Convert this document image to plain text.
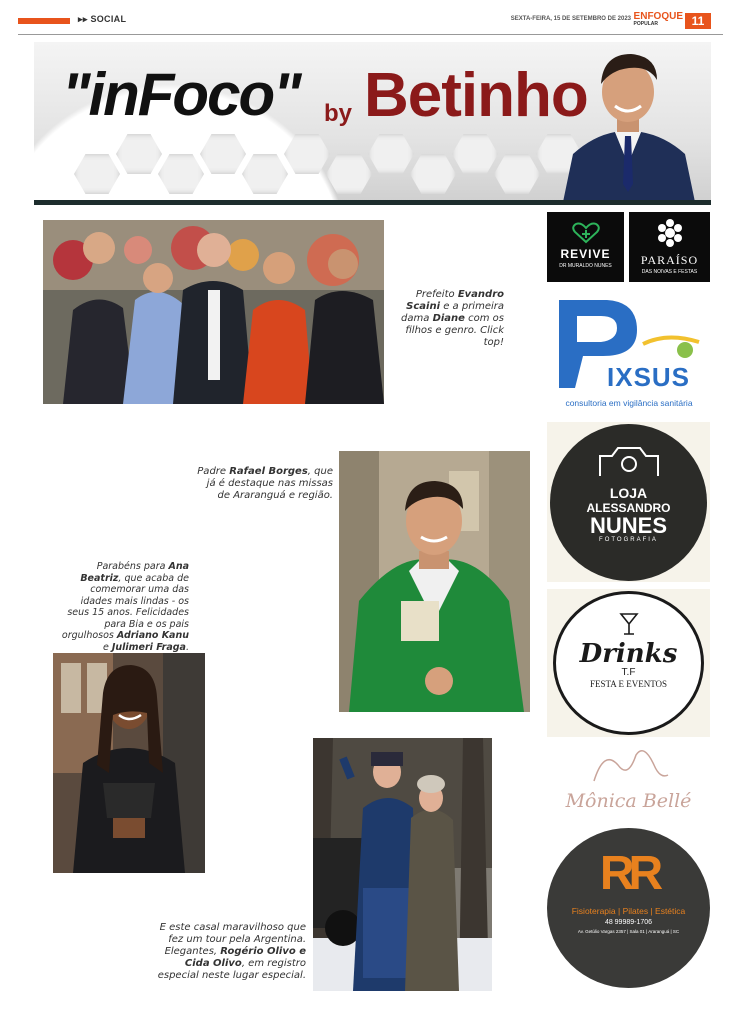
▸▸ SOCIAL	SEXTA-FEIRA, 15 DE SETEMBRO DE 2023 ENFOQUE
POPULAR	11
"inFoco" by Betinho
Prefeito Evandro Scaini e a primeira dama Diane com os filhos e genro. Click top!
Padre Rafael Borges, que já é destaque nas missas de Araranguá e região.
Parabéns para Ana Beatriz, que acaba de comemorar uma das idades mais lindas - os seus 15 anos. Felicidades para Bia e os pais orgulhosos Adriano Kanu e Julimeri Fraga.
E este casal maravilhoso que fez um tour pela Argentina. Elegantes, Rogério Olivo e Cida Olivo, em registro especial neste lugar especial.
REVIVE
DR MURALDO NUNES	PARAÍSO
DAS NOIVAS E FESTAS
IXSUS
consultoria em vigilância sanitária
LOJA
ALESSANDRO
NUNES
FOTOGRAFIA
Drinks
T.F
FESTA E EVENTOS
Mônica Bellé
RR
Fisioterapia | Pilates | Estética
48 99989-1706
Av. Getúlio Vargas 2357 | Sala 01 | Araranguá | SC
